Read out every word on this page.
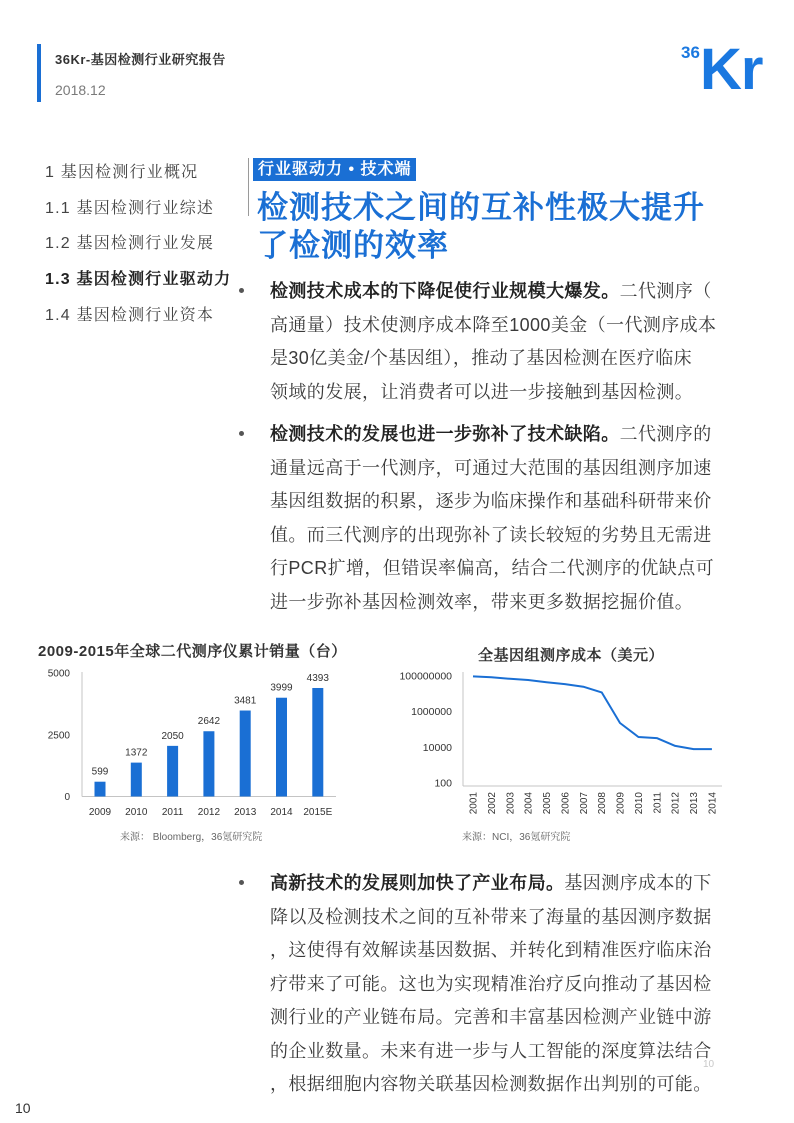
36Kr-基因检测行业研究报告
2018.12
36 Kr
1 基因检测行业概况
1.1 基因检测行业综述
1.2 基因检测行业发展
1.3 基因检测行业驱动力
1.4 基因检测行业资本
行业驱动力 • 技术端
检测技术之间的互补性极大提升
了检测的效率
检测技术成本的下降促使行业规模大爆发。二代测序（
高通量）技术使测序成本降至1000美金（一代测序成本
是30亿美金/个基因组），推动了基因检测在医疗临床
领域的发展，让消费者可以进一步接触到基因检测。
检测技术的发展也进一步弥补了技术缺陷。二代测序的
通量远高于一代测序，可通过大范围的基因组测序加速
基因组数据的积累，逐步为临床操作和基础科研带来价
值。而三代测序的出现弥补了读长较短的劣势且无需进
行PCR扩增，但错误率偏高，结合二代测序的优缺点可
进一步弥补基因检测效率，带来更多数据挖掘价值。
2009-2015年全球二代测序仪累计销量（台）
0
2500
5000
599
2009
1372
2010
2050
2011
2642
2012
3481
2013
3999
2014
4393
2015E
来源： Bloomberg，36氪研究院
全基因组测序成本（美元）
100
10000
1000000
100000000
2001 2002 2003 2004 2005 2006 2007 2008 2009 2010 2011 2012 2013 2014
来源：NCI，36氪研究院
高新技术的发展则加快了产业布局。基因测序成本的下
降以及检测技术之间的互补带来了海量的基因测序数据
，这使得有效解读基因数据、并转化到精准医疗临床治
疗带来了可能。这也为实现精准治疗反向推动了基因检
测行业的产业链布局。完善和丰富基因检测产业链中游
的企业数量。未来有进一步与人工智能的深度算法结合
，根据细胞内容物关联基因检测数据作出判别的可能。
10
10
